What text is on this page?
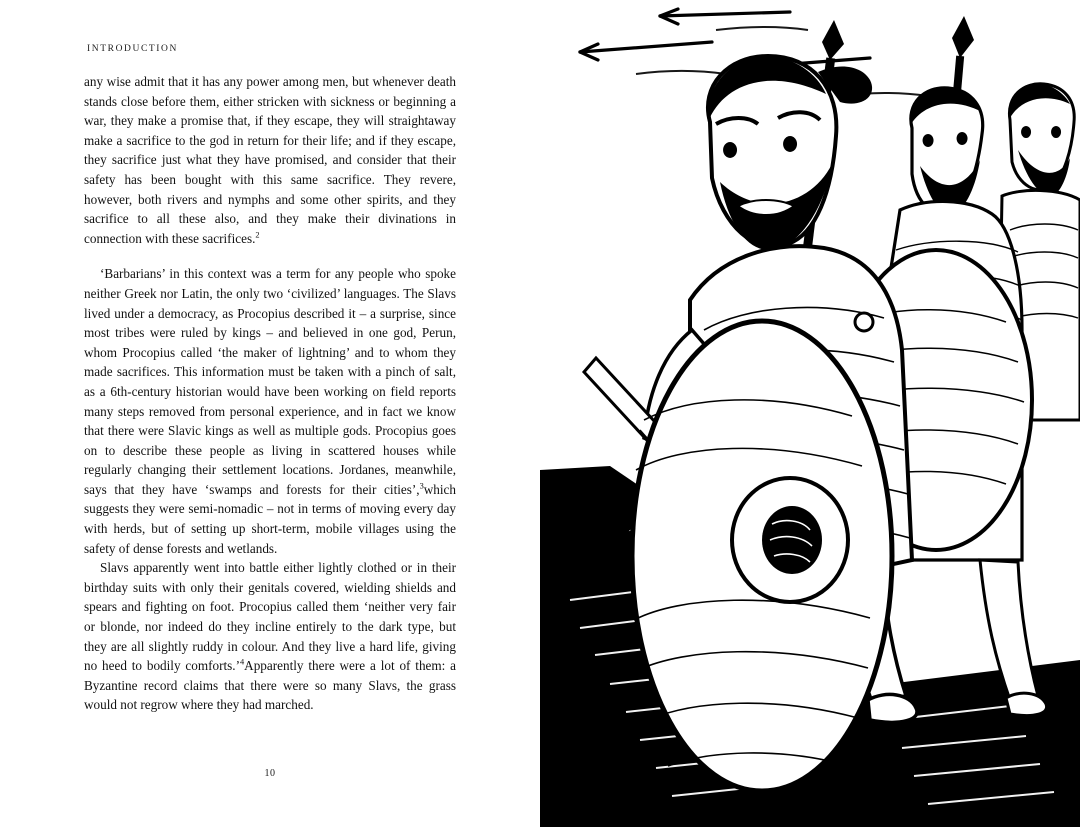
INTRODUCTION

any wise admit that it has any power among men, but whenever death stands close before them, either stricken with sickness or beginning a war, they make a promise that, if they escape, they will straightaway make a sacrifice to the god in return for their life; and if they escape, they sacrifice just what they have promised, and consider that their safety has been bought with this same sacrifice. They revere, however, both rivers and nymphs and some other spirits, and they sacrifice to all these also, and they make their divinations in connection with these sacrifices.$^2$

‘Barbarians’ in this context was a term for any people who spoke neither Greek nor Latin, the only two ‘civilized’ languages. The Slavs lived under a democracy, as Procopius described it – a surprise, since most tribes were ruled by kings – and believed in one god, Perun, whom Procopius called ‘the maker of lightning’ and to whom they made sacrifices. This information must be taken with a pinch of salt, as a 6th-century historian would have been working on field reports many steps removed from personal experience, and in fact we know that there were Slavic kings as well as multiple gods. Procopius goes on to describe these people as living in scattered houses while regularly changing their settlement locations. Jordanes, meanwhile, says that they have ‘swamps and forests for their cities’,$^3$which suggests they were semi-nomadic – not in terms of moving every day with herds, but of setting up short-term, mobile villages using the safety of dense forests and wetlands.

Slavs apparently went into battle either lightly clothed or in their birthday suits with only their genitals covered, wielding shields and spears and fighting on foot. Procopius called them ‘neither very fair or blonde, nor indeed do they incline entirely to the dark type, but they are all slightly ruddy in colour. And they live a hard life, giving no heed to bodily comforts.’$^4$Apparently there were a lot of them: a Byzantine record claims that there were so many Slavs, the grass would not regrow where they had marched.

10
